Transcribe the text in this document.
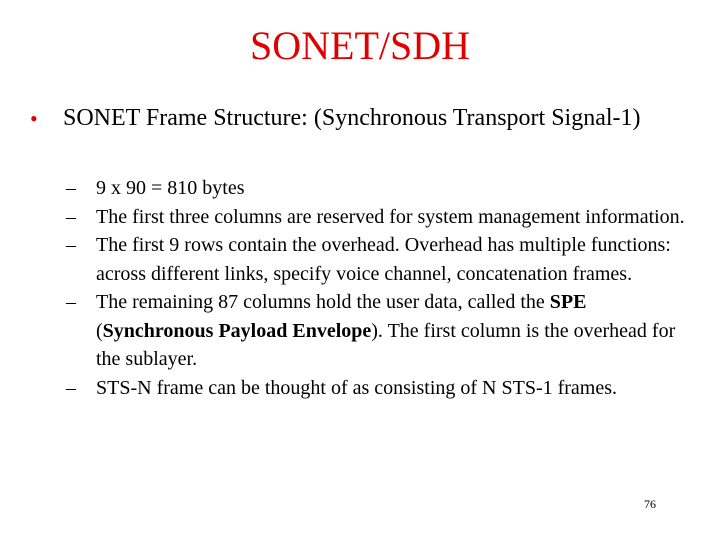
SONET/SDH
• SONET Frame Structure: (Synchronous Transport Signal-1)
– 9 x 90 = 810 bytes
– The first three columns are reserved for system management information.
– The first 9 rows contain the overhead. Overhead has multiple functions: across different links, specify voice channel, concatenation frames.
– The remaining 87 columns hold the user data, called the SPE (Synchronous Payload Envelope). The first column is the overhead for the sublayer.
– STS-N frame can be thought of as consisting of N STS-1 frames.
76
